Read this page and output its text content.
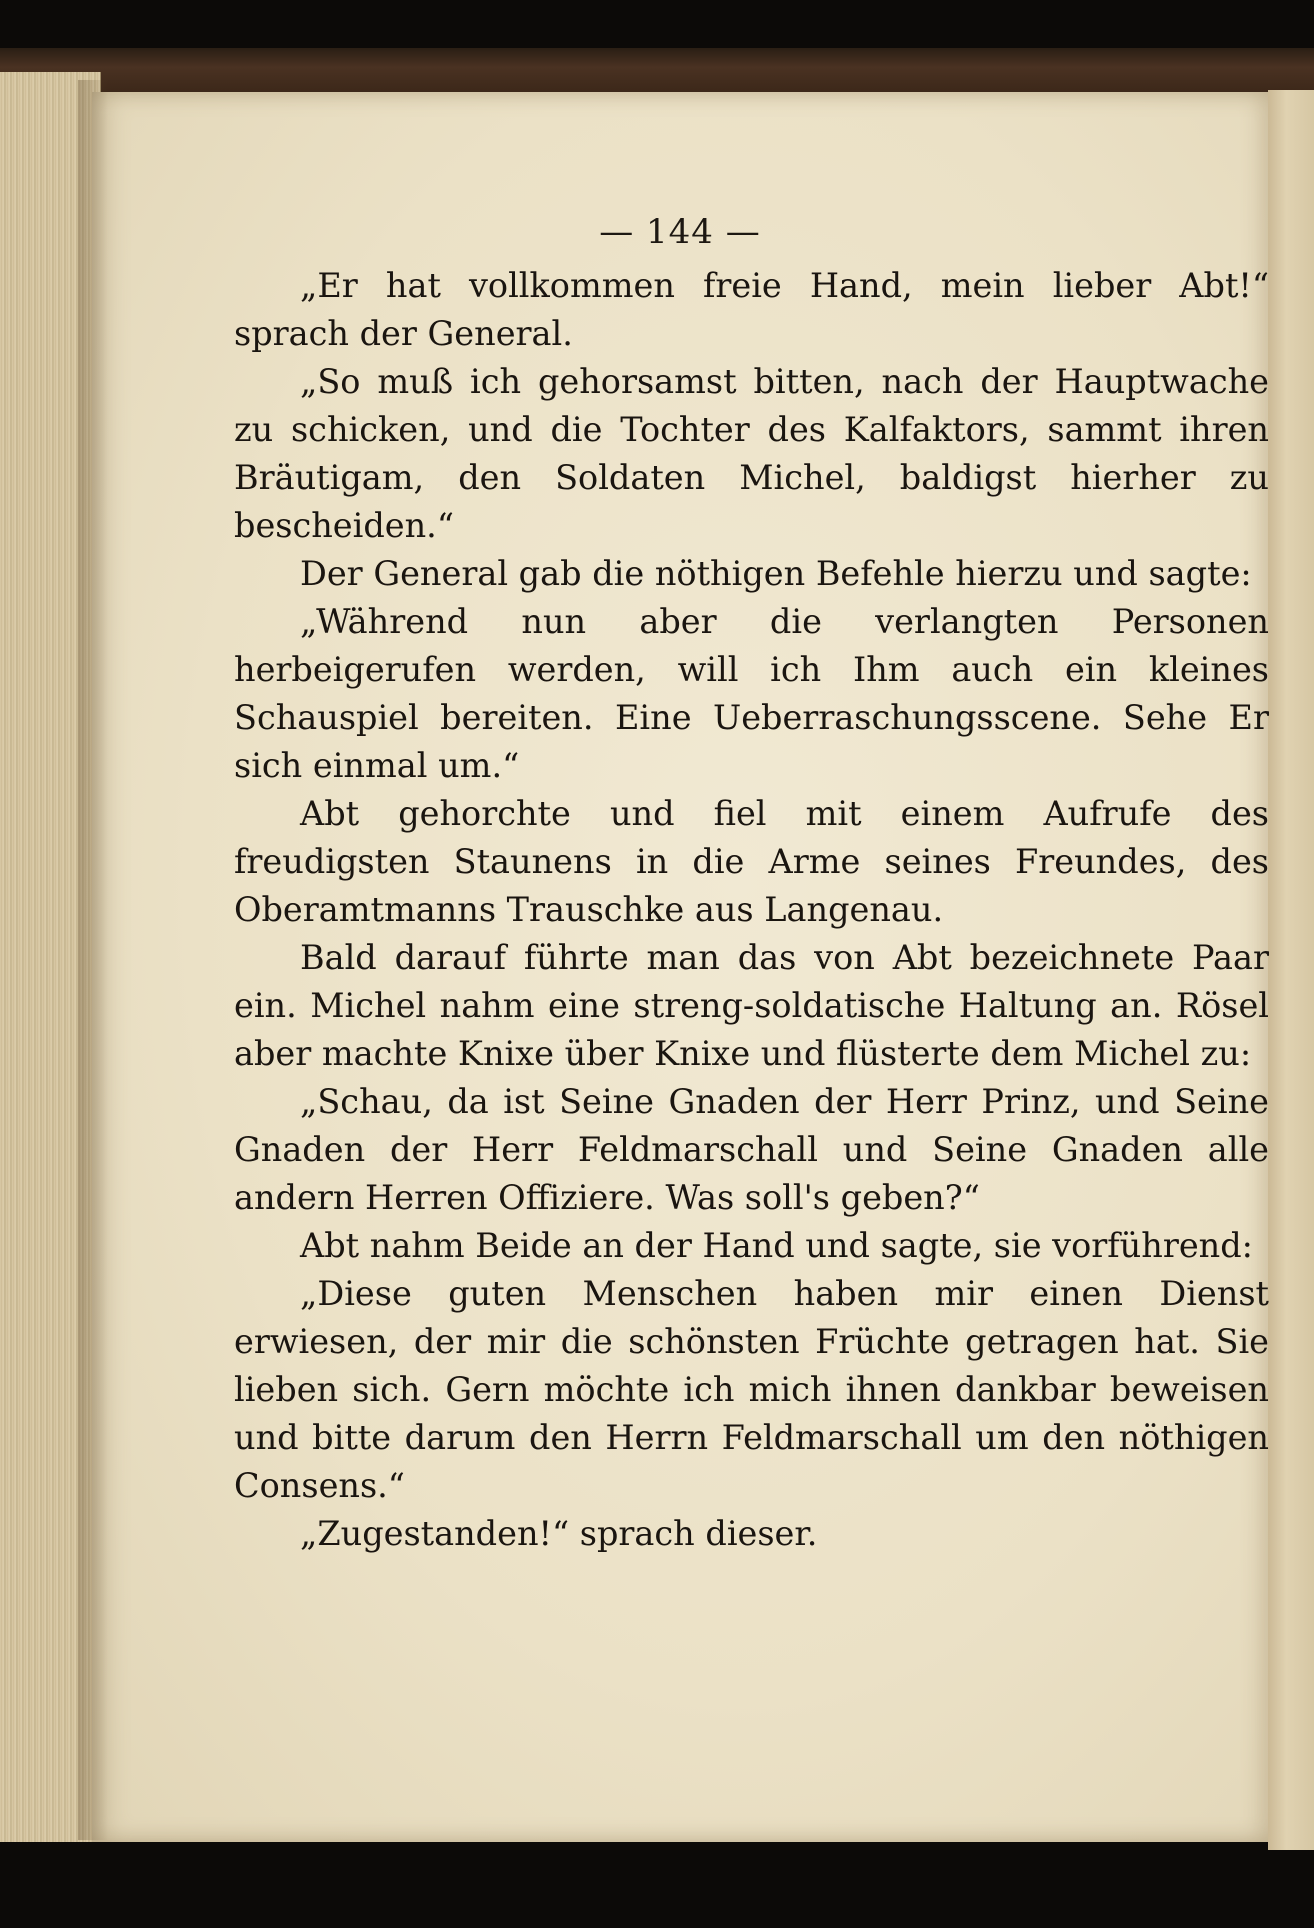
— 144 —

„Er hat vollkommen freie Hand, mein lieber Abt!“ sprach der General.

„So muß ich gehorsamst bitten, nach der Hauptwache zu schicken, und die Tochter des Kalfaktors, sammt ihren Bräutigam, den Soldaten Michel, baldigst hierher zu bescheiden.“

Der General gab die nöthigen Befehle hierzu und sagte:

„Während nun aber die verlangten Personen herbeigerufen werden, will ich Ihm auch ein kleines Schauspiel bereiten. Eine Ueberraschungsscene. Sehe Er sich einmal um.“

Abt gehorchte und fiel mit einem Aufrufe des freudigsten Staunens in die Arme seines Freundes, des Oberamtmanns Trauschke aus Langenau.

Bald darauf führte man das von Abt bezeichnete Paar ein. Michel nahm eine streng-soldatische Haltung an. Rösel aber machte Knixe über Knixe und flüsterte dem Michel zu:

„Schau, da ist Seine Gnaden der Herr Prinz, und Seine Gnaden der Herr Feldmarschall und Seine Gnaden alle andern Herren Offiziere. Was soll's geben?“

Abt nahm Beide an der Hand und sagte, sie vorführend:

„Diese guten Menschen haben mir einen Dienst erwiesen, der mir die schönsten Früchte getragen hat. Sie lieben sich. Gern möchte ich mich ihnen dankbar beweisen und bitte darum den Herrn Feldmarschall um den nöthigen Consens.“

„Zugestanden!“ sprach dieser.
